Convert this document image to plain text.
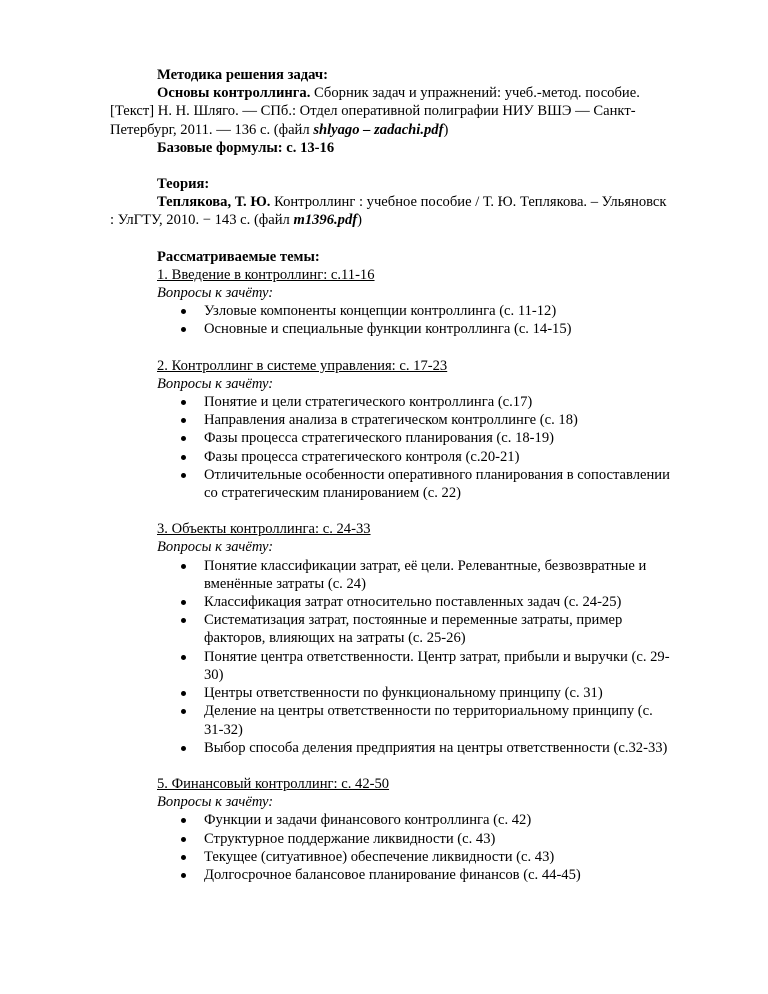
Методика решения задач:

Основы контроллинга. Сборник задач и упражнений: учеб.-метод. пособие. [Текст] Н. Н. Шляго. — СПб.: Отдел оперативной полиграфии НИУ ВШЭ — Санкт-Петербург, 2011. — 136 с. (файл shlyago – zadachi.pdf)

Базовые формулы: с. 13-16

Теория:

Теплякова, Т. Ю. Контроллинг : учебное пособие / Т. Ю. Теплякова. – Ульяновск : УлГТУ, 2010. − 143 с. (файл m1396.pdf)

Рассматриваемые темы:

1. Введение в контроллинг: с.11-16

Вопросы к зачёту:

Узловые компоненты концепции контроллинга (с. 11-12)
Основные и специальные функции контроллинга (с. 14-15)

2. Контроллинг в системе управления: с. 17-23

Вопросы к зачёту:

Понятие и цели стратегического контроллинга (с.17)
Направления анализа в стратегическом контроллинге (с. 18)
Фазы процесса стратегического планирования (с. 18-19)
Фазы процесса стратегического контроля (с.20-21)
Отличительные особенности оперативного планирования в сопоставлении со стратегическим планированием (с. 22)

3. Объекты контроллинга: с. 24-33

Вопросы к зачёту:

Понятие классификации затрат, её цели. Релевантные, безвозвратные и вменённые затраты (с. 24)
Классификация затрат относительно поставленных задач (с. 24-25)
Систематизация затрат, постоянные и переменные затраты, пример факторов, влияющих на затраты (с. 25-26)
Понятие центра ответственности. Центр затрат, прибыли и выручки (с. 29-30)
Центры ответственности по функциональному принципу (с. 31)
Деление на центры ответственности по территориальному принципу (с. 31-32)
Выбор способа деления предприятия на центры ответственности (с.32-33)

5. Финансовый контроллинг: с. 42-50

Вопросы к зачёту:

Функции и задачи финансового контроллинга (с. 42)
Структурное поддержание ликвидности (с. 43)
Текущее (ситуативное) обеспечение ликвидности (с. 43)
Долгосрочное балансовое планирование финансов (с. 44-45)
